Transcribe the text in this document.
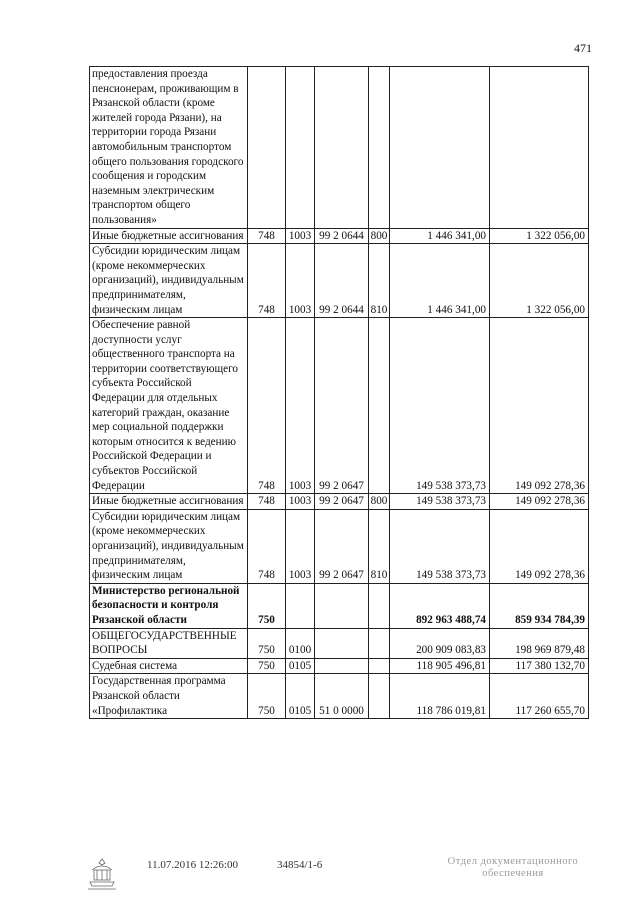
471
предоставления проезда пенсионерам, проживающим в Рязанской области (кроме жителей города Рязани), на территории города Рязани автомобильным транспортом общего пользования городского сообщения и городским наземным электрическим транспортом общего пользования»						
Иные бюджетные ассигнования	748	1003	99 2 0644	800	1 446 341,00	1 322 056,00
Субсидии юридическим лицам (кроме некоммерческих организаций), индивидуальным предпринимателям, физическим лицам	748	1003	99 2 0644	810	1 446 341,00	1 322 056,00
Обеспечение равной доступности услуг общественного транспорта на территории соответствующего субъекта Российской Федерации для отдельных категорий граждан, оказание мер социальной поддержки которым относится к ведению Российской Федерации и субъектов Российской Федерации	748	1003	99 2 0647		149 538 373,73	149 092 278,36
Иные бюджетные ассигнования	748	1003	99 2 0647	800	149 538 373,73	149 092 278,36
Субсидии юридическим лицам (кроме некоммерческих организаций), индивидуальным предпринимателям, физическим лицам	748	1003	99 2 0647	810	149 538 373,73	149 092 278,36
Министерство региональной безопасности и контроля Рязанской области	750				892 963 488,74	859 934 784,39
ОБЩЕГОСУДАРСТВЕННЫЕ ВОПРОСЫ	750	0100			200 909 083,83	198 969 879,48
Судебная система	750	0105			118 905 496,81	117 380 132,70
Государственная программа Рязанской области «Профилактика	750	0105	51 0 0000		118 786 019,81	117 260 655,70
11.07.2016 12:26:00	34854/1-6	Отдел документационного обеспечения
